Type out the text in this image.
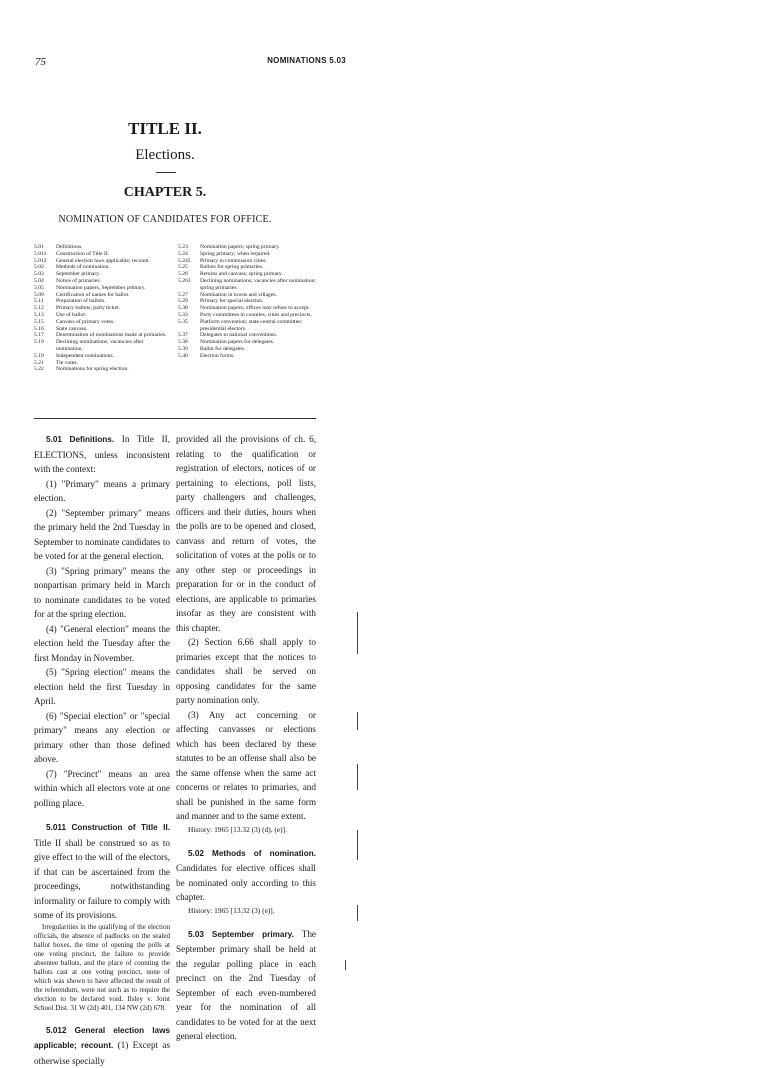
75	NOMINATIONS 5.03
TITLE II.
Elections.
CHAPTER 5.
NOMINATION OF CANDIDATES FOR OFFICE.
5.01	Definitions.
5.011	Construction of Title II.
5.012	General election laws applicable; recount.
5.02	Methods of nomination.
5.03	September primary.
5.04	Notice of primaries.
5.05	Nomination papers, September primary.
5.09	Certification of names for ballot.
5.11	Preparation of ballots.
5.12	Primary ballots; party ticket.
5.13	Use of ballot.
5.15	Canvass of primary votes.
5.16	State canvass.
5.17	Determination of nominations made at primaries.
5.19	Declining nominations; vacancies after nomination.
5.19	Independent nominations.
5.21	Tie votes.
5.22	Nominations for spring election.
5.23	Nomination papers; spring primary.
5.24	Spring primary; when required.
5.245	Primary in commission cities.
5.25	Ballots for spring primaries.
5.26	Returns and canvass; spring primary.
5.263	Declining nominations; vacancies after nomination; spring primaries.
5.27	Nomination in towns and villages.
5.29	Primary for special election.
5.30	Nomination papers; offices may refuse to accept.
5.33	Party committees in counties, cities and precincts.
5.35	Platform convention; state central committee; presidential electors.
5.37	Delegates to national conventions.
5.38	Nomination papers for delegates.
5.39	Ballot for delegates.
5.40	Election forms.

5.01 Definitions. In Title II, ELECTIONS, unless inconsistent with the context:

(1) "Primary" means a primary election.

(2) "September primary" means the primary held the 2nd Tuesday in September to nominate candidates to be voted for at the general election.

(3) "Spring primary" means the nonpartisan primary held in March to nominate candidates to be voted for at the spring election.

(4) "General election" means the election held the Tuesday after the first Monday in November.

(5) "Spring election" means the election held the first Tuesday in April.

(6) "Special election" or "special primary" means any election or primary other than those defined above.

(7) "Precinct" means an area within which all electors vote at one polling place.

5.011 Construction of Title II. Title II shall be construed so as to give effect to the will of the electors, if that can be ascertained from the proceedings, notwithstanding informality or failure to comply with some of its provisions.

Irregularities in the qualifying of the election officials, the absence of padlocks on the sealed ballot boxes, the time of opening the polls at one voting precinct, the failure to provide absentee ballots, and the place of counting the ballots cast at one voting precinct, none of which was shown to have affected the result of the referendum, were not such as to require the election to be declared void. Ilsley v. Joint School Dist. 31 W (2d) 401, 134 NW (2d) 678.

5.012 General election laws applicable; recount. (1) Except as otherwise specially

provided all the provisions of ch. 6, relating to the qualification or registration of electors, notices of or pertaining to elections, poll lists, party challengers and challenges, officers and their duties, hours when the polls are to be opened and closed, canvass and return of votes, the solicitation of votes at the polls or to any other step or proceedings in preparation for or in the conduct of elections, are applicable to primaries insofar as they are consistent with this chapter.

(2) Section 6.66 shall apply to primaries except that the notices to candidates shall be served on opposing candidates for the same party nomination only.

(3) Any act concerning or affecting canvasses or elections which has been declared by these statutes to be an offense shall also be the same offense when the same act concerns or relates to primaries, and shall be punished in the same form and manner and to the same extent.

History: 1965 [13.32 (3) (d), (e)].

5.02 Methods of nomination. Candidates for elective offices shall be nominated only according to this chapter.

History: 1965 [13.32 (3) (e)].

5.03 September primary. The September primary shall be held at the regular polling place in each precinct on the 2nd Tuesday of September of each even-numbered year for the nomination of all candidates to be voted for at the next general election.
